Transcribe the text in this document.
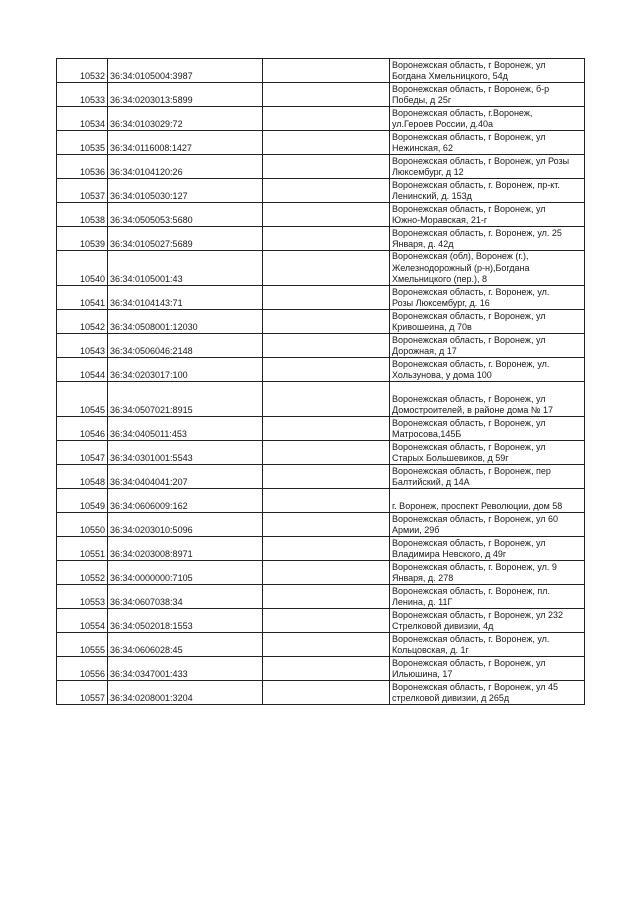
10532	36:34:0105004:3987		Воронежская область, г Воронеж, ул
Богдана Хмельницкого, 54д
10533	36:34:0203013:5899		Воронежская область, г Воронеж, б-р
Победы, д 25г
10534	36:34:0103029:72		Воронежская область, г.Воронеж,
ул.Героев России, д.40а
10535	36:34:0116008:1427		Воронежская область, г Воронеж, ул
Нежинская, 62
10536	36:34:0104120:26		Воронежская область, г Воронеж, ул Розы
Люксембург, д 12
10537	36:34:0105030:127		Воронежская область, г. Воронеж, пр-кт.
Ленинский, д. 153д
10538	36:34:0505053:5680		Воронежская область, г Воронеж, ул
Южно-Моравская, 21-г
10539	36:34:0105027:5689		Воронежская область, г. Воронеж, ул. 25
Января, д. 42д
10540	36:34:0105001:43		Воронежская (обл), Воронеж (г.),
Железнодорожный (р-н),Богдана
Хмельницкого (пер.), 8
10541	36:34:0104143:71		Воронежская область, г. Воронеж, ул.
Розы Люксембург, д. 16
10542	36:34:0508001:12030		Воронежская область, г Воронеж, ул
Кривошеина, д 70в
10543	36:34:0506046:2148		Воронежская область, г Воронеж, ул
Дорожная, д 17
10544	36:34:0203017:100		Воронежская область, г. Воронеж, ул.
Хользунова, у дома 100
10545	36:34:0507021:8915		Воронежская область, г Воронеж, ул
Домостроителей, в районе дома № 17
10546	36:34:0405011:453		Воронежская область, г Воронеж, ул
Матросова,145Б
10547	36:34:0301001:5543		Воронежская область, г Воронеж, ул
Старых Большевиков, д 59г
10548	36:34:0404041:207		Воронежская область, г Воронеж, пер
Балтийский, д 14А
10549	36:34:0606009:162		г. Воронеж, проспект Революции, дом 58
10550	36:34:0203010:5096		Воронежская область, г Воронеж, ул 60
Армии, 29б
10551	36:34:0203008:8971		Воронежская область, г Воронеж, ул
Владимира Невского, д 49г
10552	36:34:0000000:7105		Воронежская область, г. Воронеж, ул. 9
Января, д. 278
10553	36:34:0607038:34		Воронежская область, г. Воронеж, пл.
Ленина, д. 11Г
10554	36:34:0502018:1553		Воронежская область, г Воронеж, ул 232
Стрелковой дивизии, 4д
10555	36:34:0606028:45		Воронежская область, г. Воронеж, ул.
Кольцовская, д. 1г
10556	36:34:0347001:433		Воронежская область, г Воронеж, ул
Ильюшина, 17
10557	36:34:0208001:3204		Воронежская область, г Воронеж, ул 45
стрелковой дивизии, д 265д
